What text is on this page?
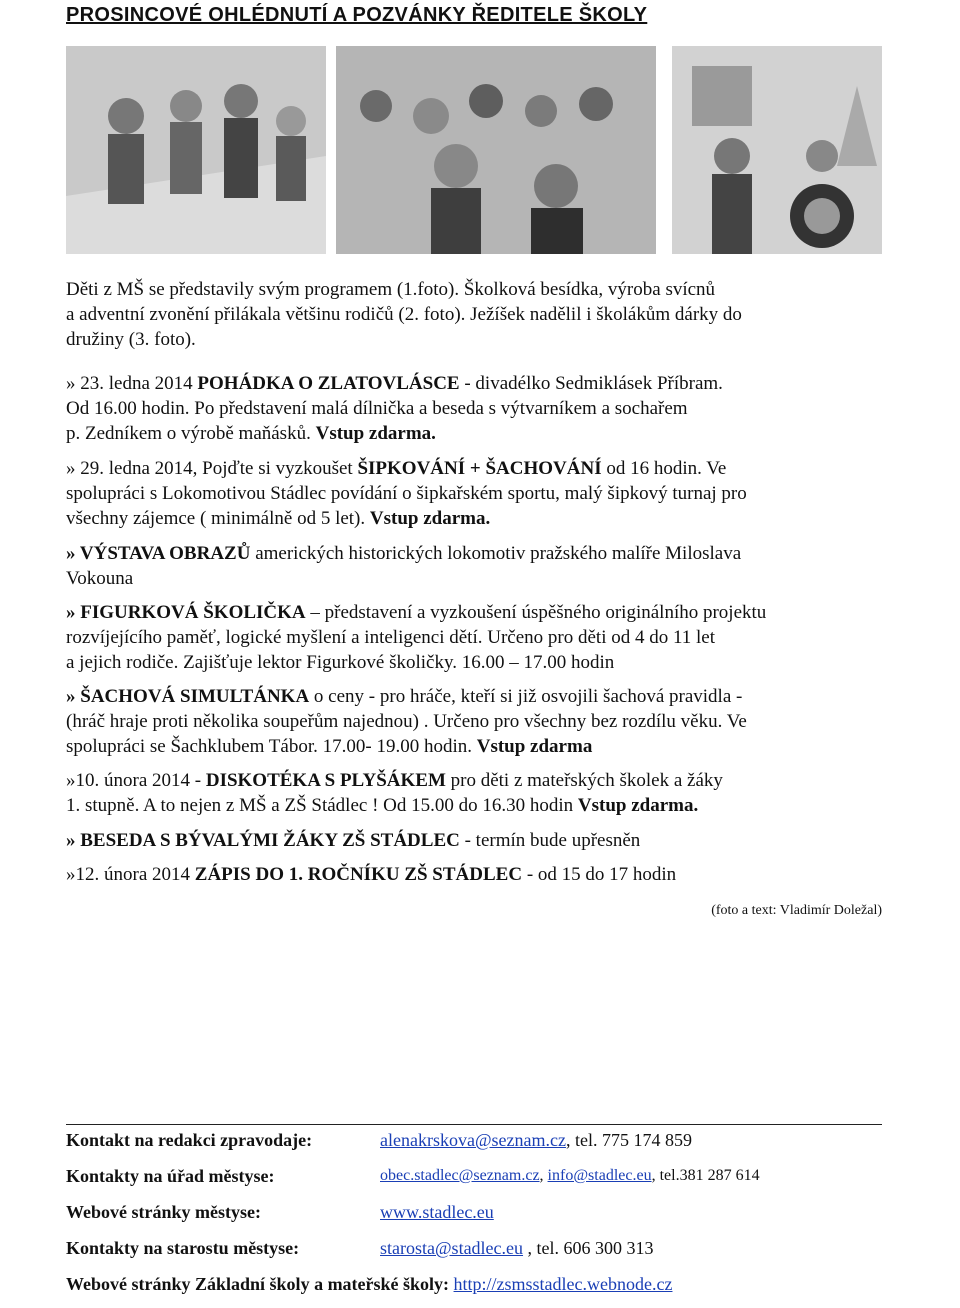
PROSINCOVÉ OHLÉDNUTÍ A POZVÁNKY ŘEDITELE ŠKOLY

Děti z MŠ se představily svým programem (1.foto). Školková besídka, výroba svícnů

a adventní zvonění přilákala většinu rodičů (2. foto). Ježíšek nadělil i školákům dárky do

družiny (3. foto).

» 23. ledna 2014 POHÁDKA O ZLATOVLÁSCE - divadélko Sedmiklásek Příbram.

Od 16.00 hodin. Po představení malá dílnička a beseda s výtvarníkem a sochařem

p. Zedníkem o výrobě maňásků. Vstup zdarma.

» 29. ledna 2014, Pojďte si vyzkoušet ŠIPKOVÁNÍ + ŠACHOVÁNÍ od 16 hodin. Ve

spolupráci s Lokomotivou Stádlec povídání o šipkařském sportu, malý šipkový turnaj pro

všechny zájemce ( minimálně od 5 let). Vstup zdarma.

» VÝSTAVA OBRAZŮ amerických historických lokomotiv pražského malíře Miloslava

Vokouna

» FIGURKOVÁ ŠKOLIČKA – představení a vyzkoušení úspěšného originálního projektu

rozvíjejícího paměť, logické myšlení a inteligenci dětí. Určeno pro děti od 4 do 11 let

a jejich rodiče. Zajišťuje lektor Figurkové školičky. 16.00 – 17.00 hodin

» ŠACHOVÁ SIMULTÁNKA o ceny - pro hráče, kteří si již osvojili šachová pravidla -

(hráč hraje proti několika soupeřům najednou) . Určeno pro všechny bez rozdílu věku. Ve

spolupráci se Šachklubem Tábor. 17.00- 19.00 hodin. Vstup zdarma

»10. února 2014 - DISKOTÉKA S PLYŠÁKEM pro děti z mateřských školek a žáky

1. stupně. A to nejen z MŠ a ZŠ Stádlec ! Od 15.00 do 16.30 hodin Vstup zdarma.

» BESEDA S BÝVALÝMI ŽÁKY ZŠ STÁDLEC - termín bude upřesněn

»12. února 2014 ZÁPIS DO 1. ROČNÍKU ZŠ STÁDLEC - od 15 do 17 hodin

(foto a text: Vladimír Doležal)
Kontakt na redakci zpravodaje:	alenakrskova@seznam.cz, tel. 775 174 859
Kontakty na úřad městyse:	obec.stadlec@seznam.cz, info@stadlec.eu, tel.381 287 614
Webové stránky městyse:	www.stadlec.eu
Kontakty na starostu městyse:	starosta@stadlec.eu , tel. 606 300 313
Webové stránky Základní školy a mateřské školy: http://zsmsstadlec.webnode.cz
